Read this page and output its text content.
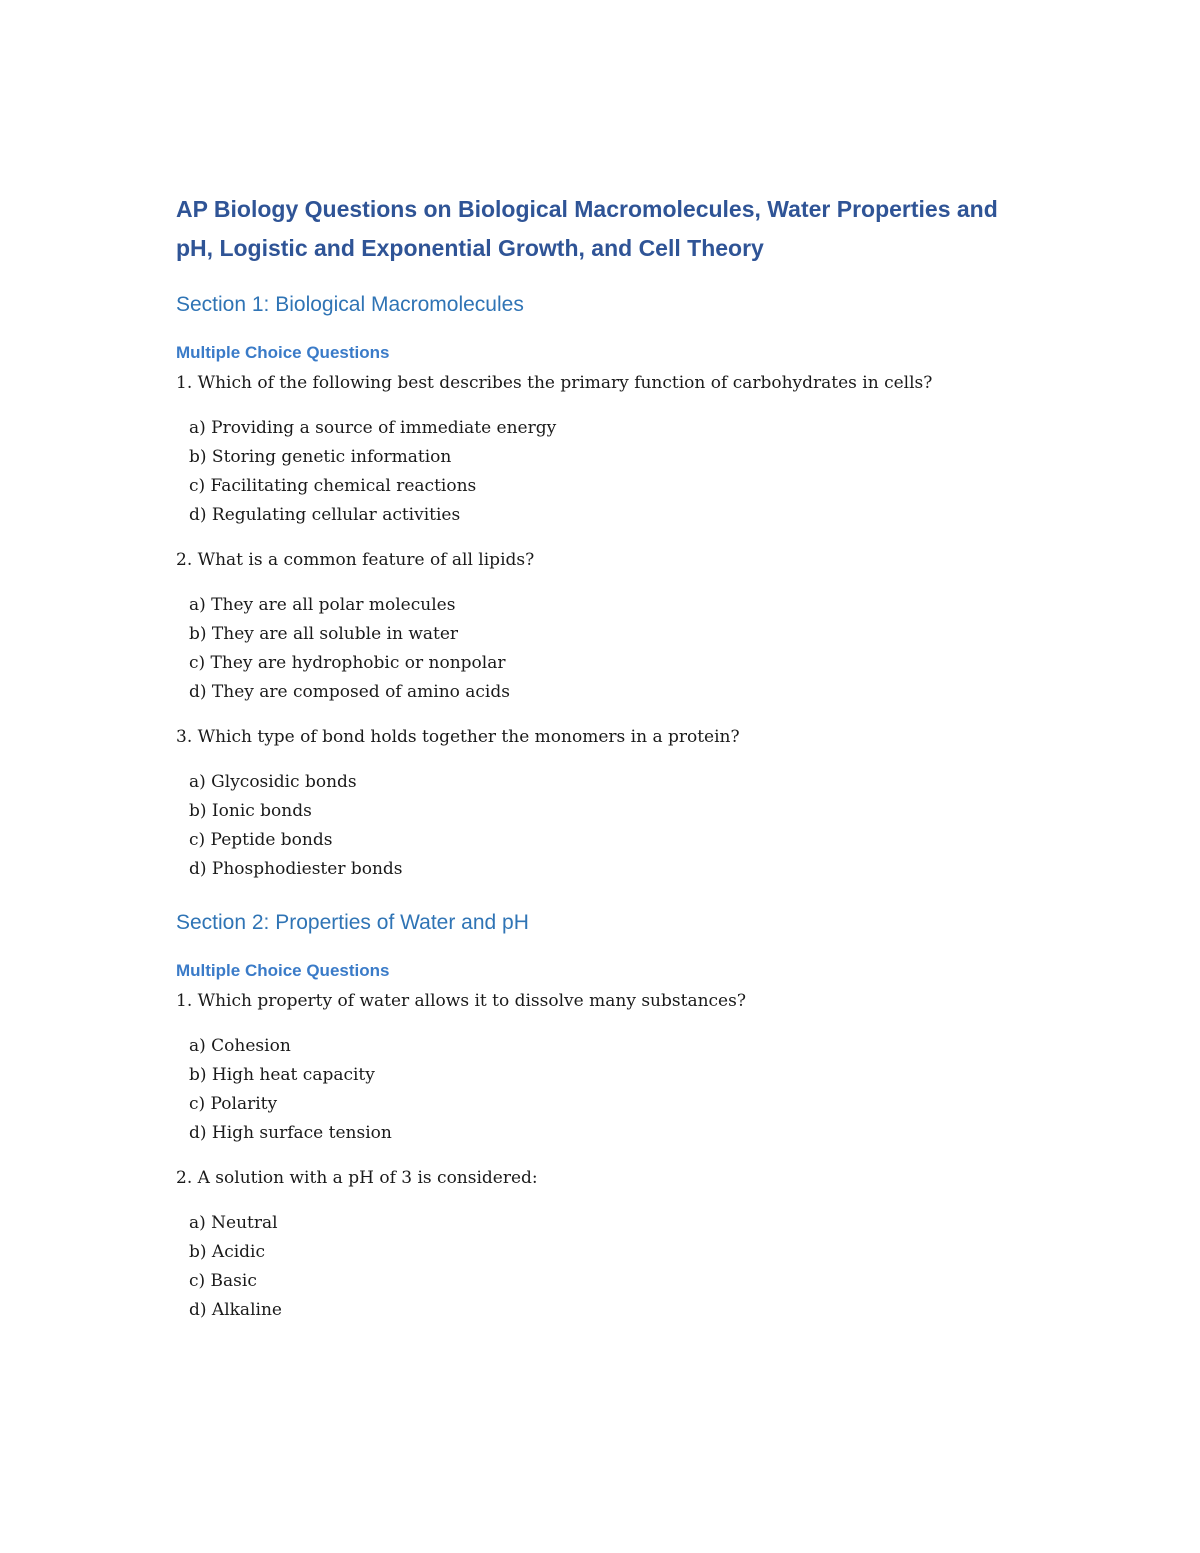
AP Biology Questions on Biological Macromolecules, Water Properties and pH, Logistic and Exponential Growth, and Cell Theory
Section 1: Biological Macromolecules
Multiple Choice Questions

1. Which of the following best describes the primary function of carbohydrates in cells?

a) Providing a source of immediate energy
b) Storing genetic information
c) Facilitating chemical reactions
d) Regulating cellular activities

2. What is a common feature of all lipids?

a) They are all polar molecules
b) They are all soluble in water
c) They are hydrophobic or nonpolar
d) They are composed of amino acids

3. Which type of bond holds together the monomers in a protein?

a) Glycosidic bonds
b) Ionic bonds
c) Peptide bonds
d) Phosphodiester bonds
Section 2: Properties of Water and pH
Multiple Choice Questions

1. Which property of water allows it to dissolve many substances?

a) Cohesion
b) High heat capacity
c) Polarity
d) High surface tension

2. A solution with a pH of 3 is considered:

a) Neutral
b) Acidic
c) Basic
d) Alkaline
